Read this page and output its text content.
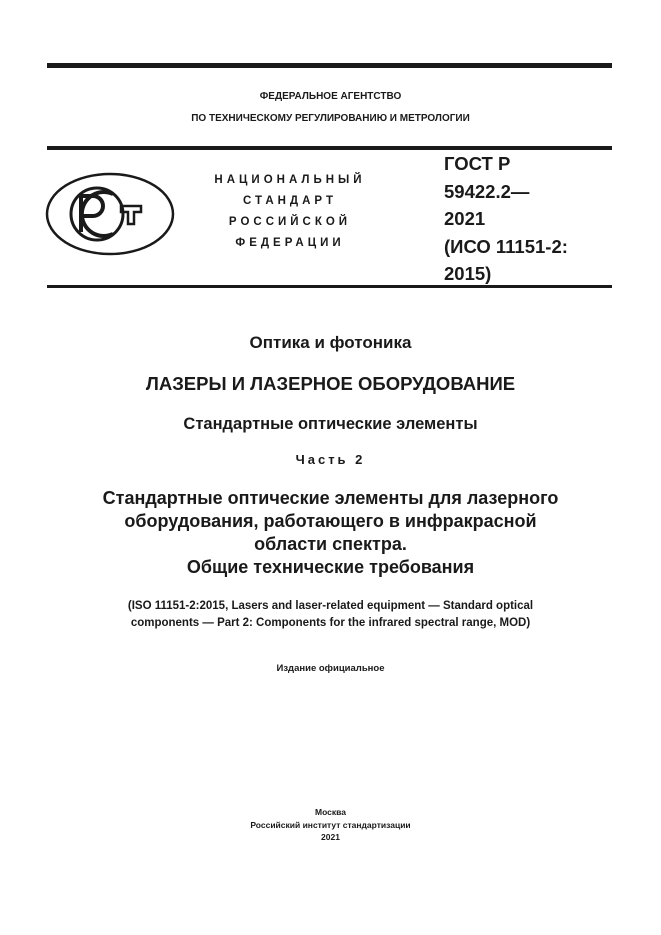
ФЕДЕРАЛЬНОЕ АГЕНТСТВО
ПО ТЕХНИЧЕСКОМУ РЕГУЛИРОВАНИЮ И МЕТРОЛОГИИ
НАЦИОНАЛЬНЫЙ
СТАНДАРТ
РОССИЙСКОЙ
ФЕДЕРАЦИИ
ГОСТ Р
59422.2—
2021
(ИСО 11151-2:
2015)
Оптика и фотоника
ЛАЗЕРЫ И ЛАЗЕРНОЕ ОБОРУДОВАНИЕ
Стандартные оптические элементы
Часть 2
Стандартные оптические элементы для лазерного
оборудования, работающего в инфракрасной
области спектра.
Общие технические требования
(ISO 11151-2:2015, Lasers and laser-related equipment — Standard optical
components — Part 2: Components for the infrared spectral range, MOD)
Издание официальное
Москва
Российский институт стандартизации
2021
